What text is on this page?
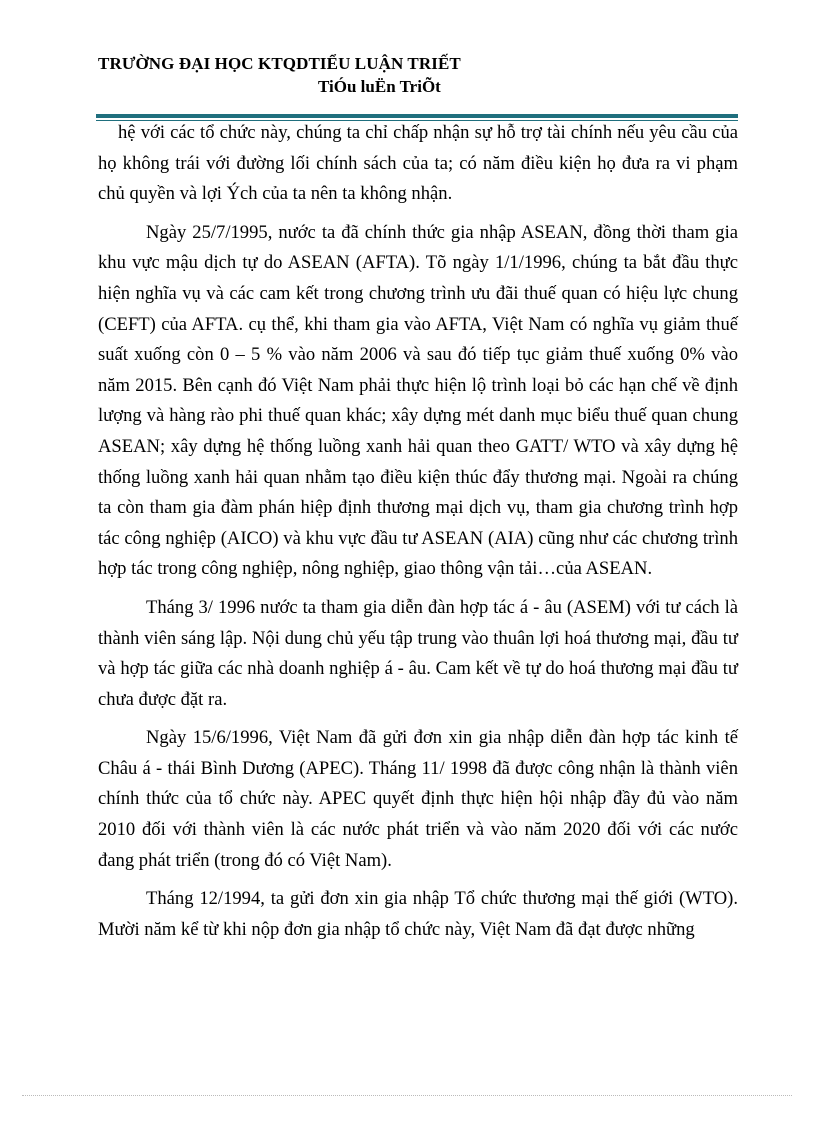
TRƯỜNG ĐẠI HỌC KTQDTIỂU LUẬN TRIẾT
TiÓu luËn TriÕt

hệ với các tổ chức này, chúng ta chỉ chấp nhận sự hỗ trợ tài chính nếu yêu cầu của họ không trái với đường lối chính sách của ta; có năm điều kiện họ đưa ra vi phạm chủ quyền và lợi Ých của ta nên ta không nhận.

Ngày 25/7/1995, nước ta đã chính thức gia nhập ASEAN, đồng thời tham gia khu vực mậu dịch tự do ASEAN (AFTA). Tõ ngày 1/1/1996, chúng ta bắt đầu thực hiện nghĩa vụ và các cam kết trong chương trình ưu đãi thuế quan có hiệu lực chung (CEFT) của AFTA. cụ thể, khi tham gia vào AFTA, Việt Nam có nghĩa vụ giảm thuế suất xuống còn 0 – 5 % vào năm 2006 và sau đó tiếp tục giảm thuế xuống 0% vào năm 2015. Bên cạnh đó Việt Nam phải thực hiện lộ trình loại bỏ các hạn chế về định lượng và hàng rào phi thuế quan khác; xây dựng mét danh mục biểu thuế quan chung ASEAN; xây dựng hệ thống luồng xanh hải quan theo GATT/ WTO và xây dựng hệ thống luồng xanh hải quan nhằm tạo điều kiện thúc đẩy thương mại. Ngoài ra chúng ta còn tham gia đàm phán hiệp định thương mại dịch vụ, tham gia chương trình hợp tác công nghiệp (AICO) và khu vực đầu tư ASEAN (AIA) cũng như các chương trình hợp tác trong công nghiệp, nông nghiệp, giao thông vận tải…của ASEAN.

Tháng 3/ 1996 nước ta tham gia diễn đàn hợp tác á - âu (ASEM) với tư cách là thành viên sáng lập. Nội dung chủ yếu tập trung vào thuân lợi hoá thương mại, đầu tư và hợp tác giữa các nhà doanh nghiệp á - âu. Cam kết về tự do hoá thương mại đầu tư chưa được đặt ra.

Ngày 15/6/1996, Việt Nam đã gửi đơn xin gia nhập diễn đàn hợp tác kinh tế Châu á - thái Bình Dương (APEC). Tháng 11/ 1998 đã được công nhận là thành viên chính thức của tổ chức này. APEC quyết định thực hiện hội nhập đầy đủ vào năm 2010 đối với thành viên là các nước phát triển và vào năm 2020 đối với các nước đang phát triển (trong đó có Việt Nam).

Tháng 12/1994, ta gửi đơn xin gia nhập Tổ chức thương mại thế giới (WTO). Mười năm kể từ khi nộp đơn gia nhập tổ chức này, Việt Nam đã đạt được những
